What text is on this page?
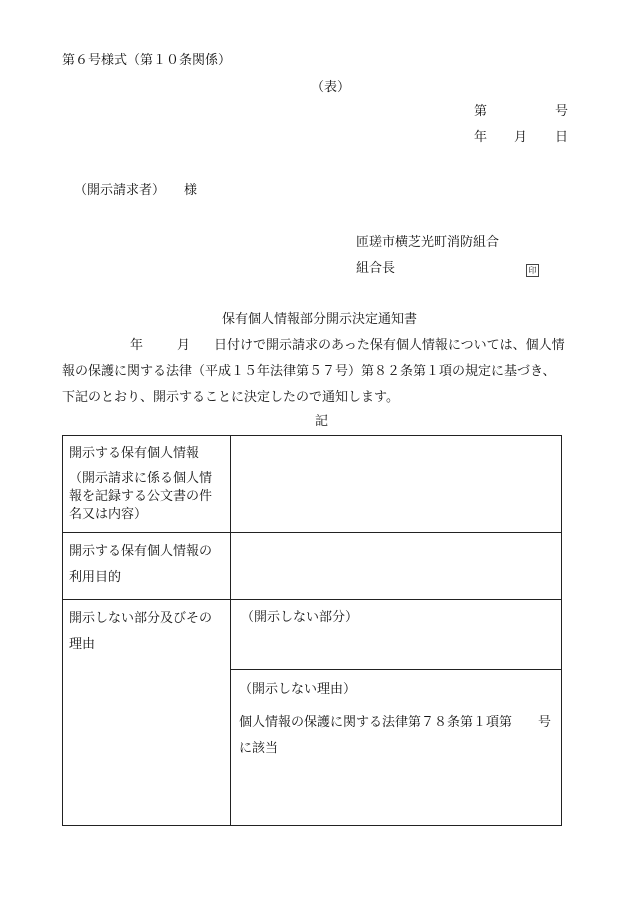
第６号様式（第１０条関係）
（表）
第	号
年 月 日
（開示請求者） 様
匝瑳市横芝光町消防組合
組合長	印
保有個人情報部分開示決定通知書
年	月 日付けで開示請求のあった保有個人情報については、個人情報の保護に関する法律（平成１５年法律第５７号）第８２条第１項の規定に基づき、下記のとおり、開示することに決定したので通知します。
記
開示する保有個人情報
（開示請求に係る個人情報を記録する公文書の件名又は内容）	

開示する保有個人情報の利用目的	

開示しない部分及びその理由	（開示しない部分）

	（開示しない理由）
個人情報の保護に関する法律第７８条第１項第　　号に該当
